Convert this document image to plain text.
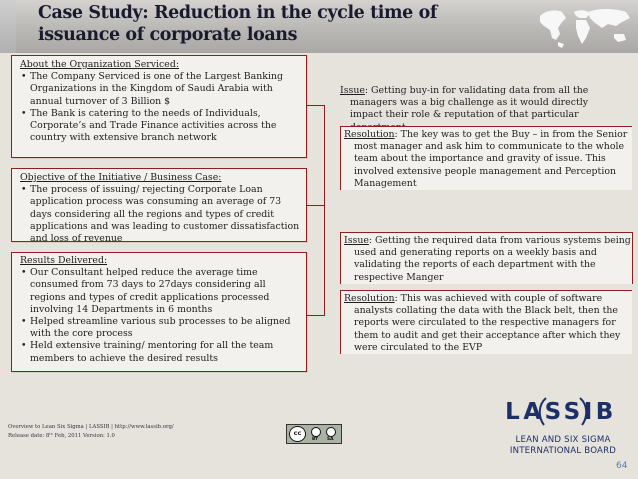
Case Study: Reduction in the cycle time of issuance of corporate loans
About the Organization Serviced:
• The Company Serviced is one of the Largest Banking Organizations in the Kingdom of Saudi Arabia with annual turnover of 3 Billion $
• The Bank is catering to the needs of Individuals, Corporate’s and Trade Finance activities across the country with extensive branch network
Objective of the Initiative / Business Case:
• The process of issuing/ rejecting Corporate Loan application process was consuming an average of 73 days considering all the regions and types of credit applications and was leading to customer dissatisfaction and loss of revenue
Results Delivered:
• Our Consultant helped reduce the average time consumed from 73 days to 27days considering all regions and types of credit applications processed involving 14 Departments in 6 months
• Helped streamline various sub processes to be aligned with the core process
• Held extensive training/ mentoring for all the team members to achieve the desired results
Issue: Getting buy-in for validating data from all the managers was a big challenge as it would directly impact their role & reputation of that particular
Resolution: The key was to get the Buy – in from the Senior most manager and ask him to communicate to the whole team about the importance and gravity of issue. This involved extensive people management and Perception Management
Issue: Getting the required data from various systems being used and generating reports on a weekly basis and validating the reports of each department with the respective Manger
Resolution: This was achieved with couple of software analysts collating the data with the Black belt, then the reports were circulated to the respective managers for them to audit and get their acceptance after which they were circulated to the EVP
Overview to Lean Six Sigma | LASSIB | http://www.lassib.org/
Release date: 8ᵗʰ Feb, 2011 Version: 1.0	cc
BY SA
LASSIB
LEAN AND SIX SIGMA
INTERNATIONAL BOARD
64
